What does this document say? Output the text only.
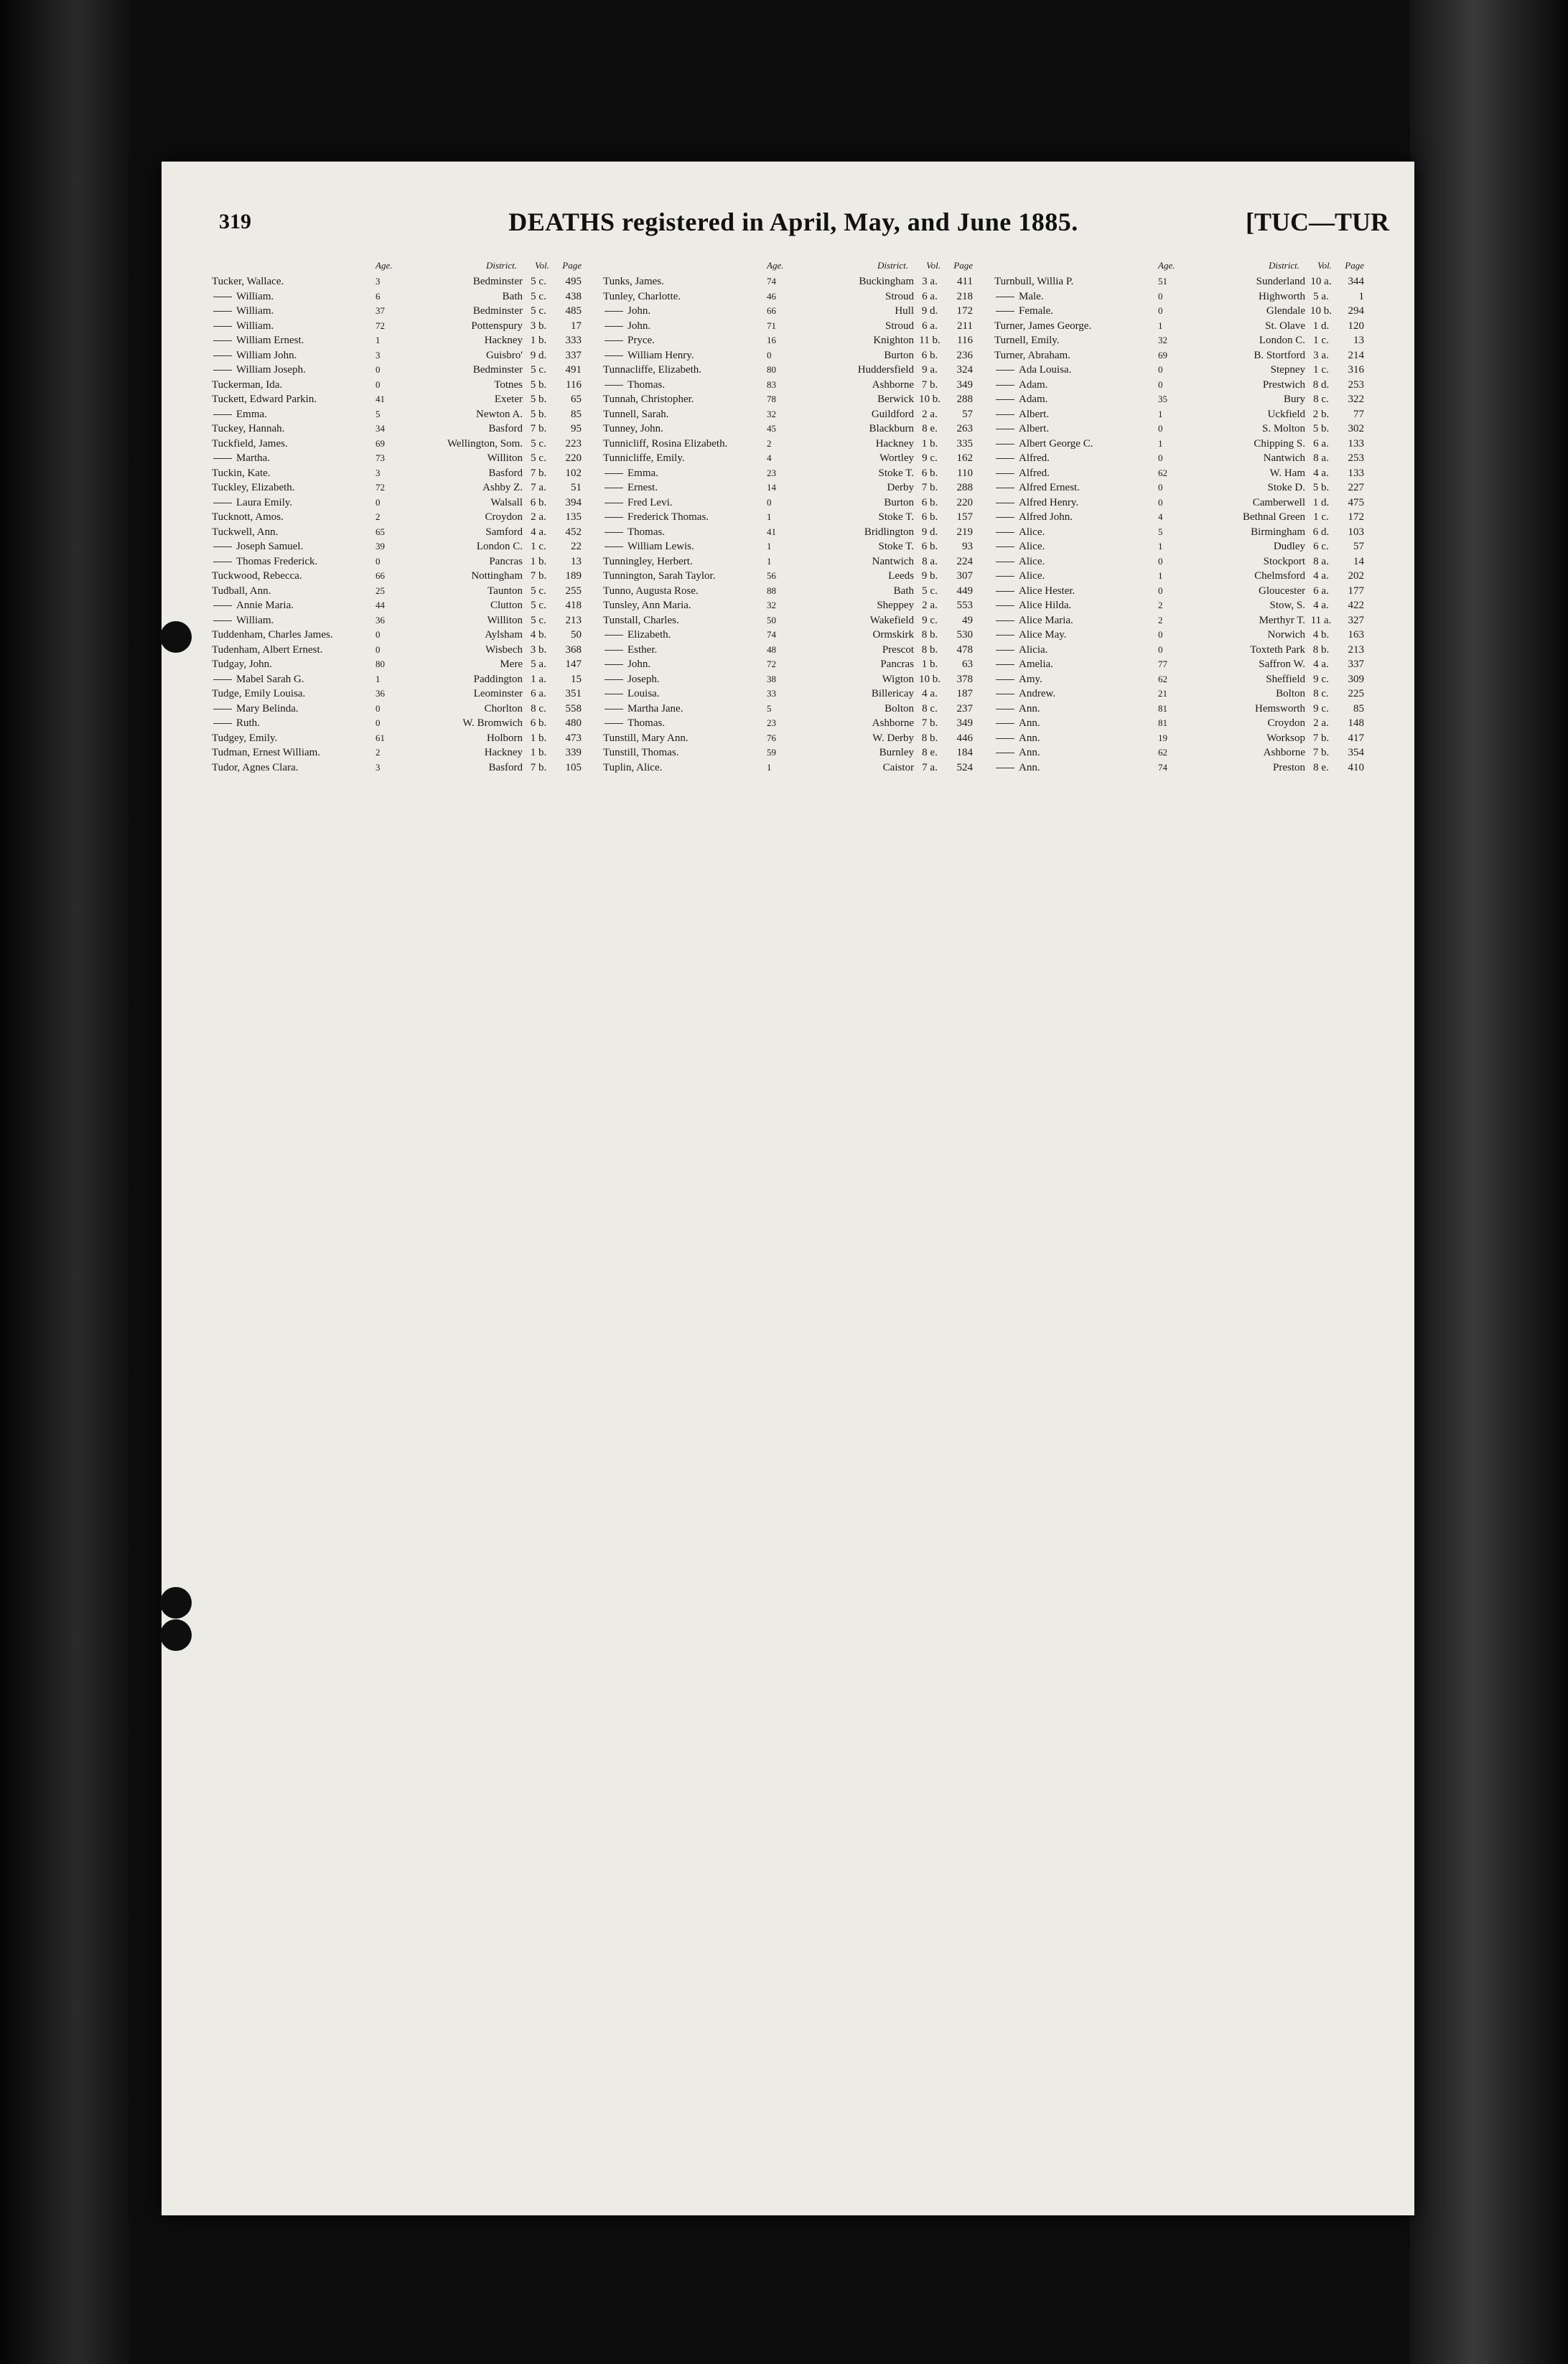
319	DEATHS registered in April, May, and June 1885.	[TUC—TUR
Age.	District. Vol. Page
Tucker, Wallace.	3	Bedminster 5 c.	495
William.	6	Bath 5 c.	438
William.	37	Bedminster 5 c.	485
William.	72	Pottenspury 3 b.	17
William Ernest.	1	Hackney 1 b.	333
William John.	3	Guisbro' 9 d.	337
William Joseph.	0	Bedminster 5 c.	491
Tuckerman, Ida.	0	Totnes 5 b.	116
Tuckett, Edward Parkin.	41	Exeter 5 b.	65
Emma.	5	Newton A. 5 b.	85
Tuckey, Hannah.	34	Basford 7 b.	95
Tuckfield, James.	69	Wellington, Som. 5 c.	223
Martha.	73	Williton 5 c.	220
Tuckin, Kate.	3	Basford 7 b.	102
Tuckley, Elizabeth.	72	Ashby Z. 7 a.	51
Laura Emily.	0	Walsall 6 b.	394
Tucknott, Amos.	2	Croydon 2 a.	135
Tuckwell, Ann.	65	Samford 4 a.	452
Joseph Samuel.	39	London C. 1 c.	22
Thomas Frederick.	0	Pancras 1 b.	13
Tuckwood, Rebecca.	66	Nottingham 7 b.	189
Tudball, Ann.	25	Taunton 5 c.	255
Annie Maria.	44	Clutton 5 c.	418
William.	36	Williton 5 c.	213
Tuddenham, Charles James.	0	Aylsham 4 b.	50
Tudenham, Albert Ernest.	0	Wisbech 3 b.	368
Tudgay, John.	80	Mere 5 a.	147
Mabel Sarah G.	1	Paddington 1 a.	15
Tudge, Emily Louisa.	36	Leominster 6 a.	351
Mary Belinda.	0	Chorlton 8 c.	558
Ruth.	0	W. Bromwich 6 b.	480
Tudgey, Emily.	61	Holborn 1 b.	473
Tudman, Ernest William.	2	Hackney 1 b.	339
Tudor, Agnes Clara.	3	Basford 7 b.	105
Age.	District. Vol. Page
Tunks, James.	74	Buckingham 3 a.	411
Tunley, Charlotte.	46	Stroud 6 a.	218
John.	66	Hull 9 d.	172
John.	71	Stroud 6 a.	211
Pryce.	16	Knighton 11 b.	116
William Henry.	0	Burton 6 b.	236
Tunnacliffe, Elizabeth.	80	Huddersfield 9 a.	324
Thomas.	83	Ashborne 7 b.	349
Tunnah, Christopher.	78	Berwick 10 b.	288
Tunnell, Sarah.	32	Guildford 2 a.	57
Tunney, John.	45	Blackburn 8 e.	263
Tunnicliff, Rosina Elizabeth.	2	Hackney 1 b.	335
Tunnicliffe, Emily.	4	Wortley 9 c.	162
Emma.	23	Stoke T. 6 b.	110
Ernest.	14	Derby 7 b.	288
Fred Levi.	0	Burton 6 b.	220
Frederick Thomas.	1	Stoke T. 6 b.	157
Thomas.	41	Bridlington 9 d.	219
William Lewis.	1	Stoke T. 6 b.	93
Tunningley, Herbert.	1	Nantwich 8 a.	224
Tunnington, Sarah Taylor.	56	Leeds 9 b.	307
Tunno, Augusta Rose.	88	Bath 5 c.	449
Tunsley, Ann Maria.	32	Sheppey 2 a.	553
Tunstall, Charles.	50	Wakefield 9 c.	49
Elizabeth.	74	Ormskirk 8 b.	530
Esther.	48	Prescot 8 b.	478
John.	72	Pancras 1 b.	63
Joseph.	38	Wigton 10 b.	378
Louisa.	33	Billericay 4 a.	187
Martha Jane.	5	Bolton 8 c.	237
Thomas.	23	Ashborne 7 b.	349
Tunstill, Mary Ann.	76	W. Derby 8 b.	446
Tunstill, Thomas.	59	Burnley 8 e.	184
Tuplin, Alice.	1	Caistor 7 a.	524
Age.	District. Vol. Page
Turnbull, Willia P.	51	Sunderland 10 a.	344
Male.	0	Highworth 5 a.	1
Female.	0	Glendale 10 b.	294
Turner, James George.	1	St. Olave 1 d.	120
Turnell, Emily.	32	London C. 1 c.	13
Turner, Abraham.	69	B. Stortford 3 a.	214
Ada Louisa.	0	Stepney 1 c.	316
Adam.	0	Prestwich 8 d.	253
Adam.	35	Bury 8 c.	322
Albert.	1	Uckfield 2 b.	77
Albert.	0	S. Molton 5 b.	302
Albert George C.	1	Chipping S. 6 a.	133
Alfred.	0	Nantwich 8 a.	253
Alfred.	62	W. Ham 4 a.	133
Alfred Ernest.	0	Stoke D. 5 b.	227
Alfred Henry.	0	Camberwell 1 d.	475
Alfred John.	4	Bethnal Green 1 c.	172
Alice.	5	Birmingham 6 d.	103
Alice.	1	Dudley 6 c.	57
Alice.	0	Stockport 8 a.	14
Alice.	1	Chelmsford 4 a.	202
Alice Hester.	0	Gloucester 6 a.	177
Alice Hilda.	2	Stow, S. 4 a.	422
Alice Maria.	2	Merthyr T. 11 a.	327
Alice May.	0	Norwich 4 b.	163
Alicia.	0	Toxteth Park 8 b.	213
Amelia.	77	Saffron W. 4 a.	337
Amy.	62	Sheffield 9 c.	309
Andrew.	21	Bolton 8 c.	225
Ann.	81	Hemsworth 9 c.	85
Ann.	81	Croydon 2 a.	148
Ann.	19	Worksop 7 b.	417
Ann.	62	Ashborne 7 b.	354
Ann.	74	Preston 8 e.	410
